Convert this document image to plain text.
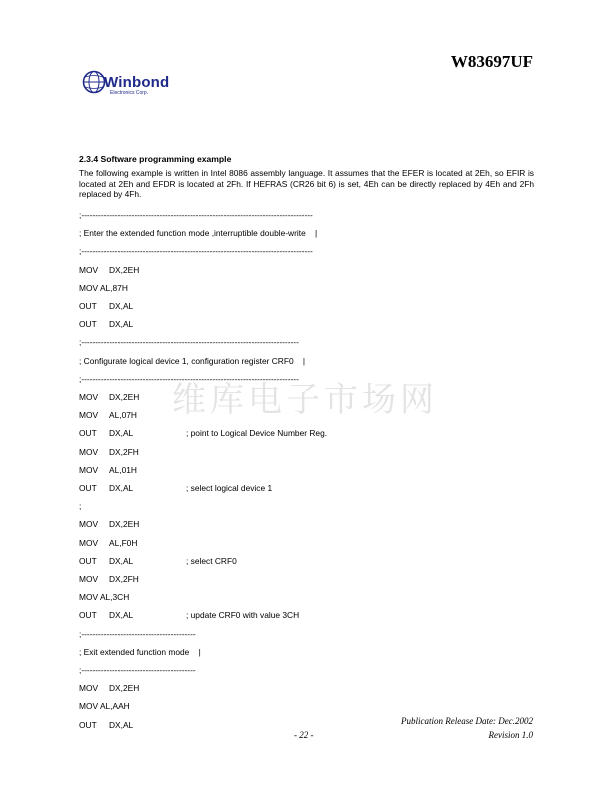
W83697UF
Winbond
Electronics Corp.
2.3.4 Software programming example
The following example is written in Intel 8086 assembly language. It assumes that the EFER is located at 2Eh, so EFIR is located at 2Eh and EFDR is located at 2Fh. If HEFRAS (CR26 bit 6) is set, 4Eh can be directly replaced by 4Eh and 2Fh replaced by 4Fh.
维库电子市场网
;-----------------------------------------------------------------------------------
; Enter the extended function mode ,interruptible double-write    |
;-----------------------------------------------------------------------------------
MOV DX,2EH
MOV AL,87H
OUT DX,AL
OUT DX,AL
;------------------------------------------------------------------------------
; Configurate logical device 1, configuration register CRF0    |
;------------------------------------------------------------------------------
MOV DX,2EH
MOV AL,07H
OUT DX,AL	; point to Logical Device Number Reg.
MOV DX,2FH
MOV AL,01H
OUT DX,AL	; select logical device 1
;
MOV DX,2EH
MOV AL,F0H
OUT DX,AL	; select CRF0
MOV DX,2FH
MOV AL,3CH
OUT DX,AL	; update CRF0 with value 3CH
;-----------------------------------------
; Exit extended function mode    |
;-----------------------------------------
MOV DX,2EH
MOV AL,AAH
OUT DX,AL	Publication Release Date: Dec.2002
- 22 -	Revision 1.0
